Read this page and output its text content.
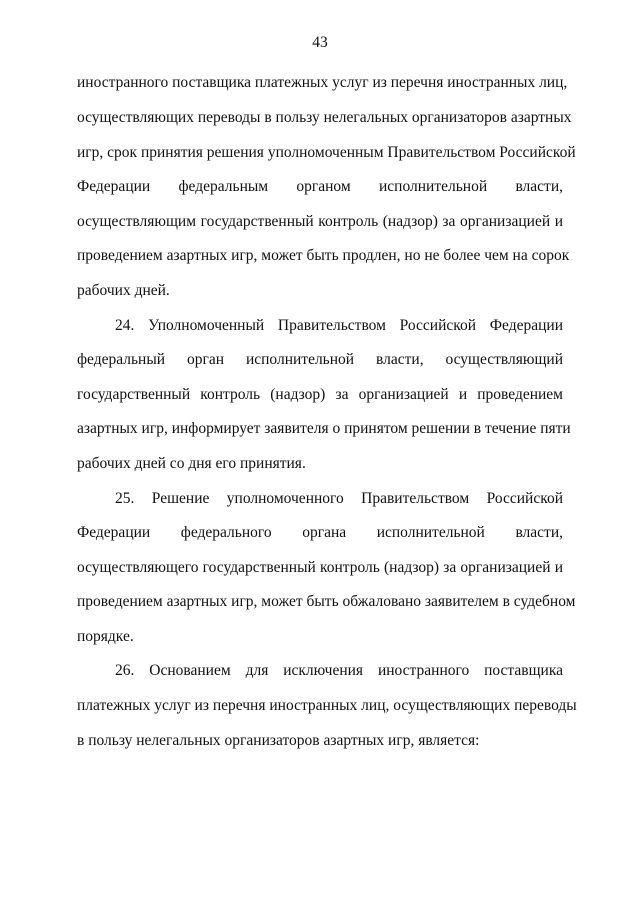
43
иностранного поставщика платежных услуг из перечня иностранных лиц,
осуществляющих переводы в пользу нелегальных организаторов азартных
игр, срок принятия решения уполномоченным Правительством Российской
Федерации федеральным органом исполнительной власти,
осуществляющим государственный контроль (надзор) за организацией и
проведением азартных игр, может быть продлен, но не более чем на сорок
рабочих дней.
24. Уполномоченный Правительством Российской Федерации
федеральный орган исполнительной власти, осуществляющий
государственный контроль (надзор) за организацией и проведением
азартных игр, информирует заявителя о принятом решении в течение пяти
рабочих дней со дня его принятия.
25. Решение уполномоченного Правительством Российской
Федерации федерального органа исполнительной власти,
осуществляющего государственный контроль (надзор) за организацией и
проведением азартных игр, может быть обжаловано заявителем в судебном
порядке.
26. Основанием для исключения иностранного поставщика
платежных услуг из перечня иностранных лиц, осуществляющих переводы
в пользу нелегальных организаторов азартных игр, является:
